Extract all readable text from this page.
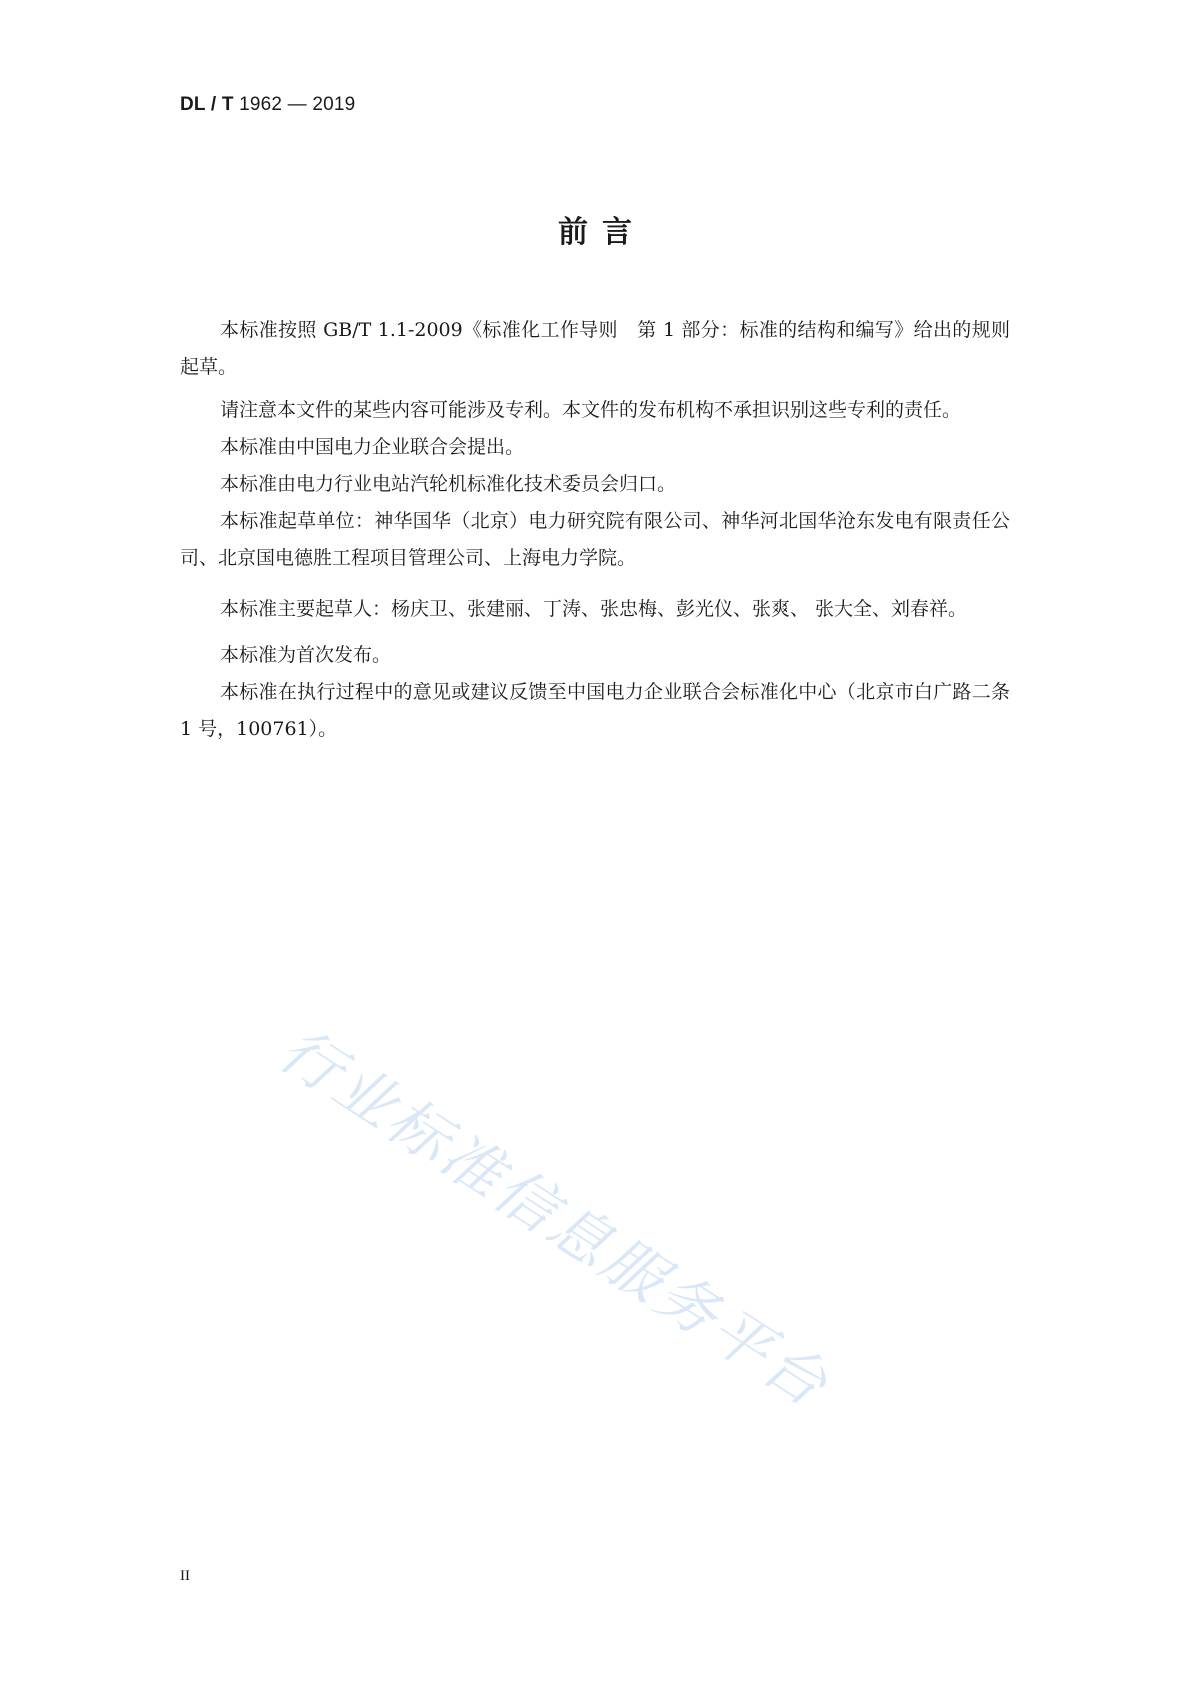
DL / T 1962 — 2019
前言

本标准按照 GB/T 1.1-2009《标准化工作导则　第 1 部分：标准的结构和编写》给出的规则起草。

请注意本文件的某些内容可能涉及专利。本文件的发布机构不承担识别这些专利的责任。

本标准由中国电力企业联合会提出。

本标准由电力行业电站汽轮机标准化技术委员会归口。

本标准起草单位：神华国华（北京）电力研究院有限公司、神华河北国华沧东发电有限责任公司、北京国电德胜工程项目管理公司、上海电力学院。

本标准主要起草人：杨庆卫、张建丽、丁涛、张忠梅、彭光仪、张爽、 张大全、刘春祥。

本标准为首次发布。

本标准在执行过程中的意见或建议反馈至中国电力企业联合会标准化中心（北京市白广路二条 1 号，100761）。

行业标准信息服务平台
II
